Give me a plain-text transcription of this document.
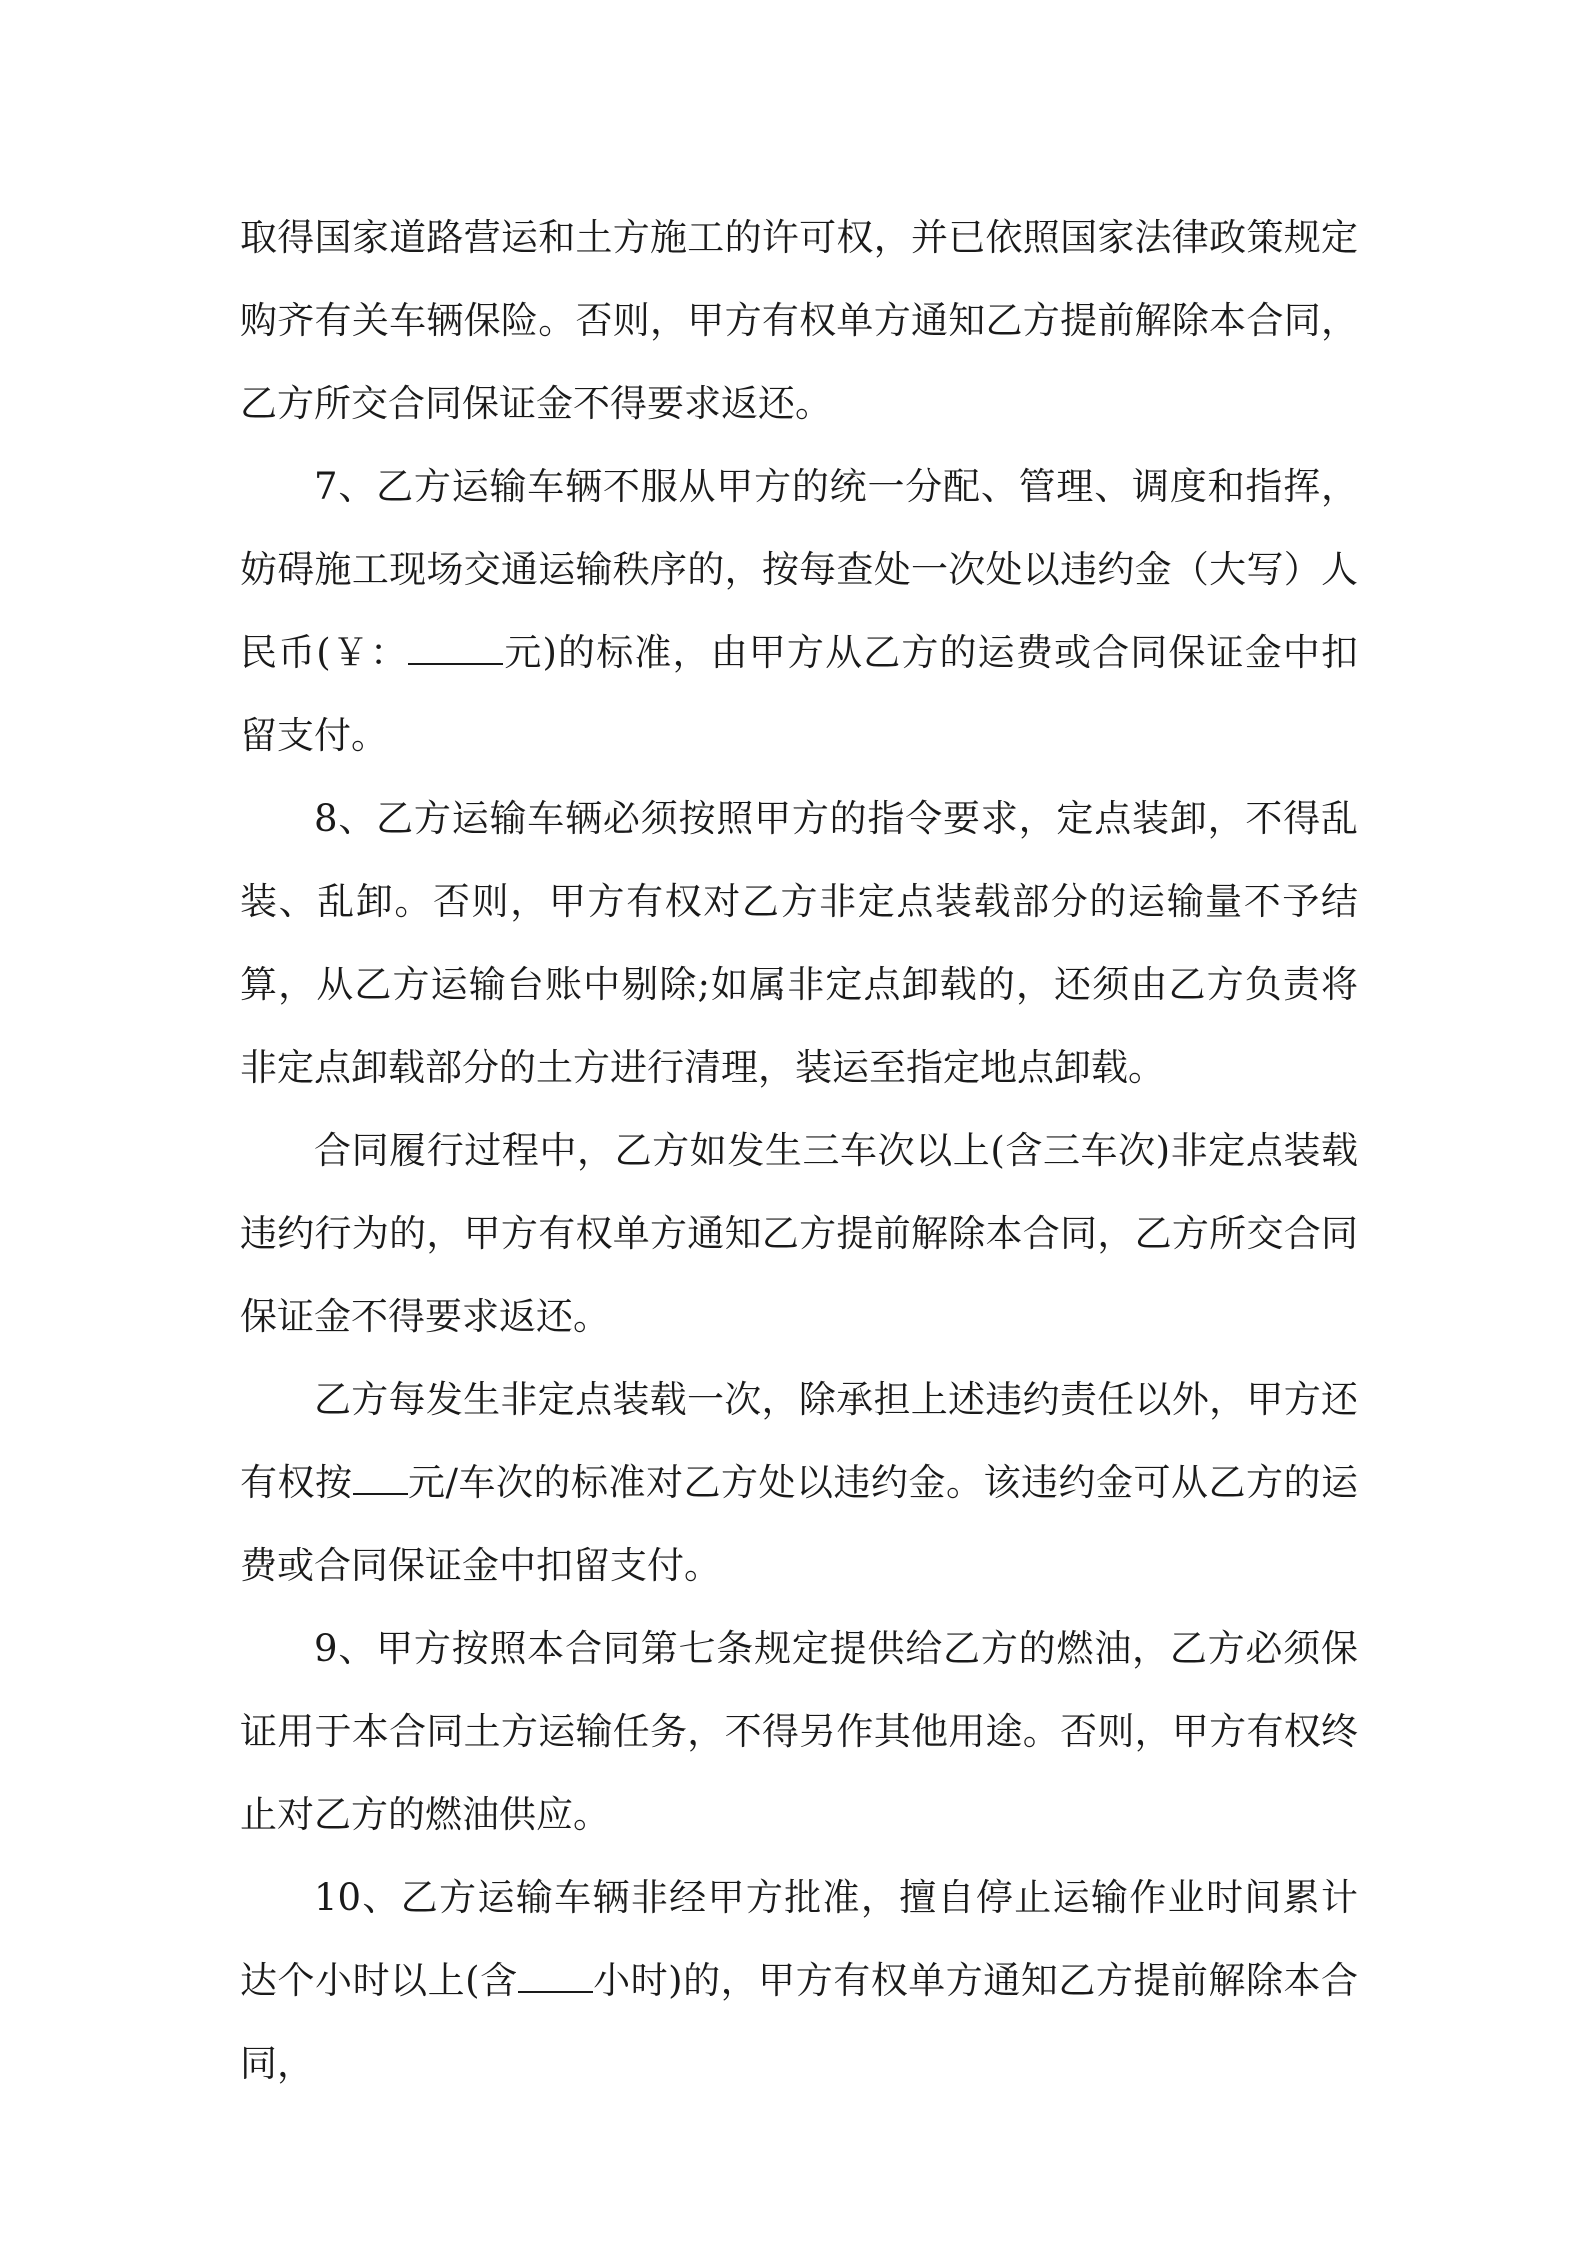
取得国家道路营运和土方施工的许可权，并已依照国家法律政策规定购齐有关车辆保险。否则，甲方有权单方通知乙方提前解除本合同，乙方所交合同保证金不得要求返还。

7、乙方运输车辆不服从甲方的统一分配、管理、调度和指挥，妨碍施工现场交通运输秩序的，按每查处一次处以违约金（大写）人民币(￥：	元)的标准，由甲方从乙方的运费或合同保证金中扣留支付。

8、乙方运输车辆必须按照甲方的指令要求，定点装卸，不得乱装、乱卸。否则，甲方有权对乙方非定点装载部分的运输量不予结算，从乙方运输台账中剔除;如属非定点卸载的，还须由乙方负责将非定点卸载部分的土方进行清理，装运至指定地点卸载。

合同履行过程中，乙方如发生三车次以上(含三车次)非定点装载违约行为的，甲方有权单方通知乙方提前解除本合同，乙方所交合同保证金不得要求返还。

乙方每发生非定点装载一次，除承担上述违约责任以外，甲方还有权按 元/车次的标准对乙方处以违约金。该违约金可从乙方的运费或合同保证金中扣留支付。

9、甲方按照本合同第七条规定提供给乙方的燃油，乙方必须保证用于本合同土方运输任务，不得另作其他用途。否则，甲方有权终止对乙方的燃油供应。

10、乙方运输车辆非经甲方批准，擅自停止运输作业时间累计达个小时以上(含 小时)的，甲方有权单方通知乙方提前解除本合同，
